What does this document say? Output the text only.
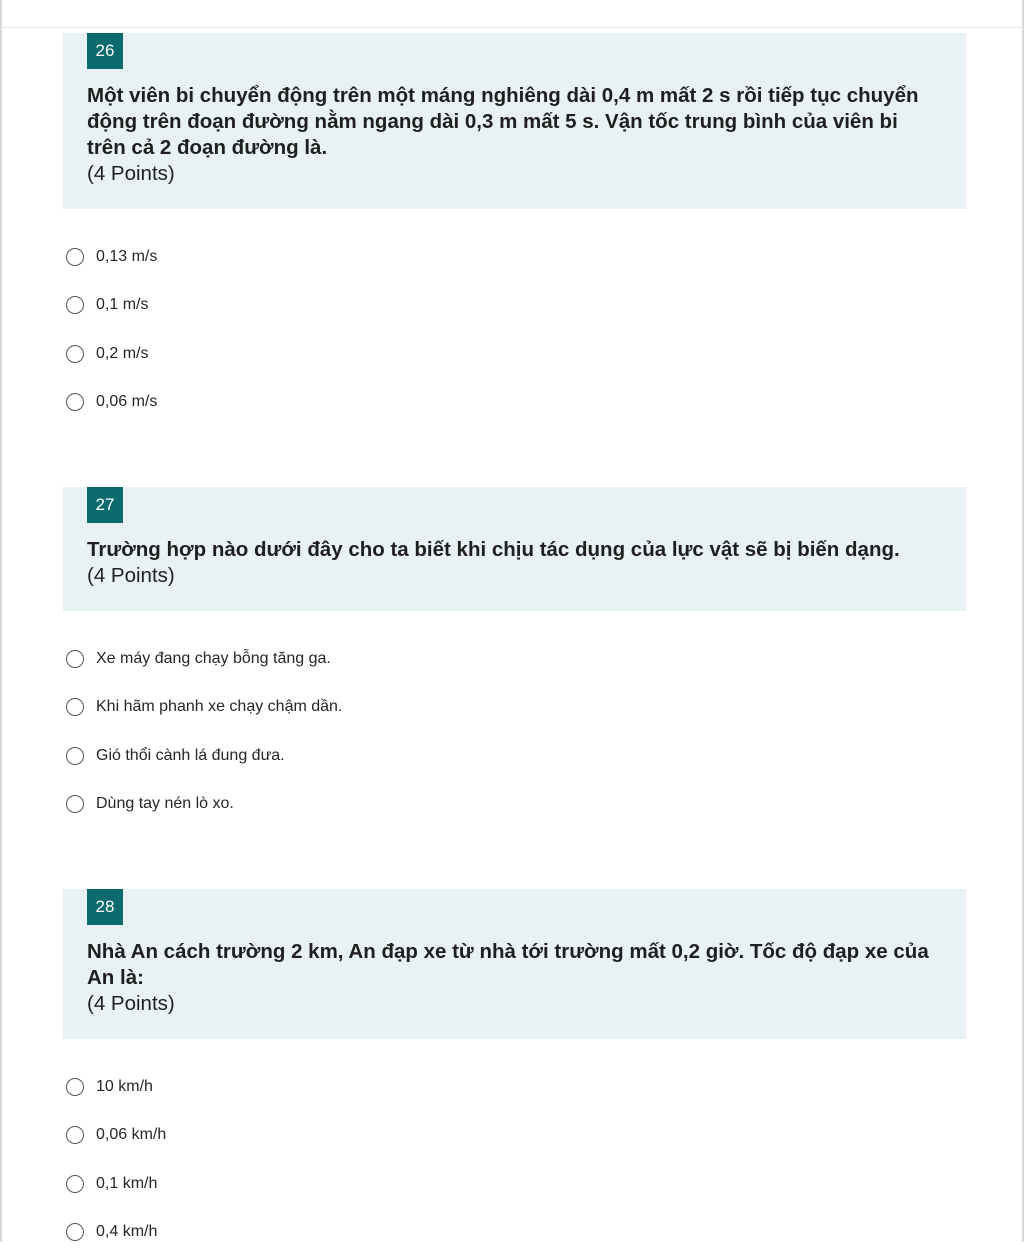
26

Một viên bi chuyển động trên một máng nghiêng dài 0,4 m mất 2 s rồi tiếp tục chuyển động trên đoạn đường nằm ngang dài 0,3 m mất 5 s. Vận tốc trung bình của viên bi trên cả 2 đoạn đường là.

(4 Points)
0,13 m/s
0,1 m/s
0,2 m/s
0,06 m/s
27

Trường hợp nào dưới đây cho ta biết khi chịu tác dụng của lực vật sẽ bị biến dạng.

(4 Points)
Xe máy đang chạy bỗng tăng ga.
Khi hãm phanh xe chạy chậm dần.
Gió thổi cành lá đung đưa.
Dùng tay nén lò xo.
28

Nhà An cách trường 2 km, An đạp xe từ nhà tới trường mất 0,2 giờ. Tốc độ đạp xe của An là:

(4 Points)
10 km/h
0,06 km/h
0,1 km/h
0,4 km/h
